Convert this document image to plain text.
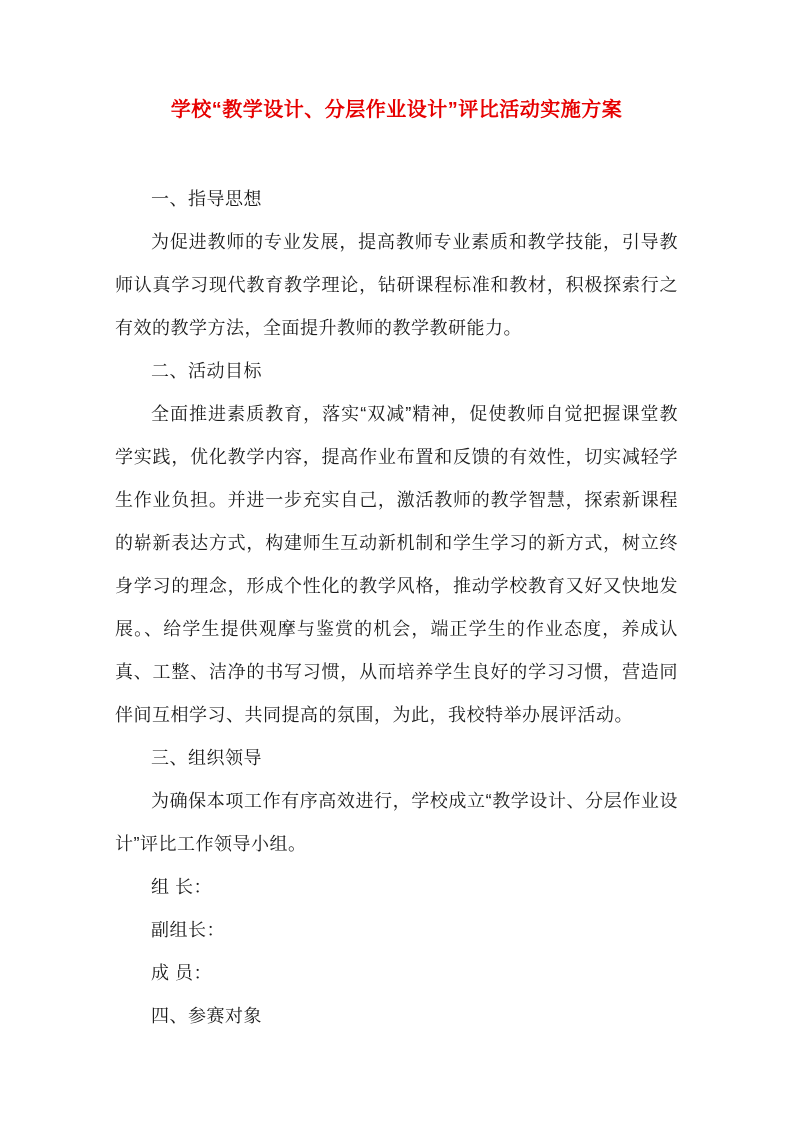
学校“教学设计、分层作业设计”评比活动实施方案

一、指导思想

为促进教师的专业发展，提高教师专业素质和教学技能，引导教师认真学习现代教育教学理论，钻研课程标准和教材，积极探索行之有效的教学方法，全面提升教师的教学教研能力。

二、活动目标

全面推进素质教育，落实“双减”精神，促使教师自觉把握课堂教学实践，优化教学内容，提高作业布置和反馈的有效性，切实减轻学生作业负担。并进一步充实自己，激活教师的教学智慧，探索新课程的崭新表达方式，构建师生互动新机制和学生学习的新方式，树立终身学习的理念，形成个性化的教学风格，推动学校教育又好又快地发展。、给学生提供观摩与鉴赏的机会，端正学生的作业态度，养成认真、工整、洁净的书写习惯，从而培养学生良好的学习习惯，营造同伴间互相学习、共同提高的氛围，为此，我校特举办展评活动。

三、组织领导

为确保本项工作有序高效进行，学校成立“教学设计、分层作业设计”评比工作领导小组。

组 长：

副组长：

成 员：

四、参赛对象
